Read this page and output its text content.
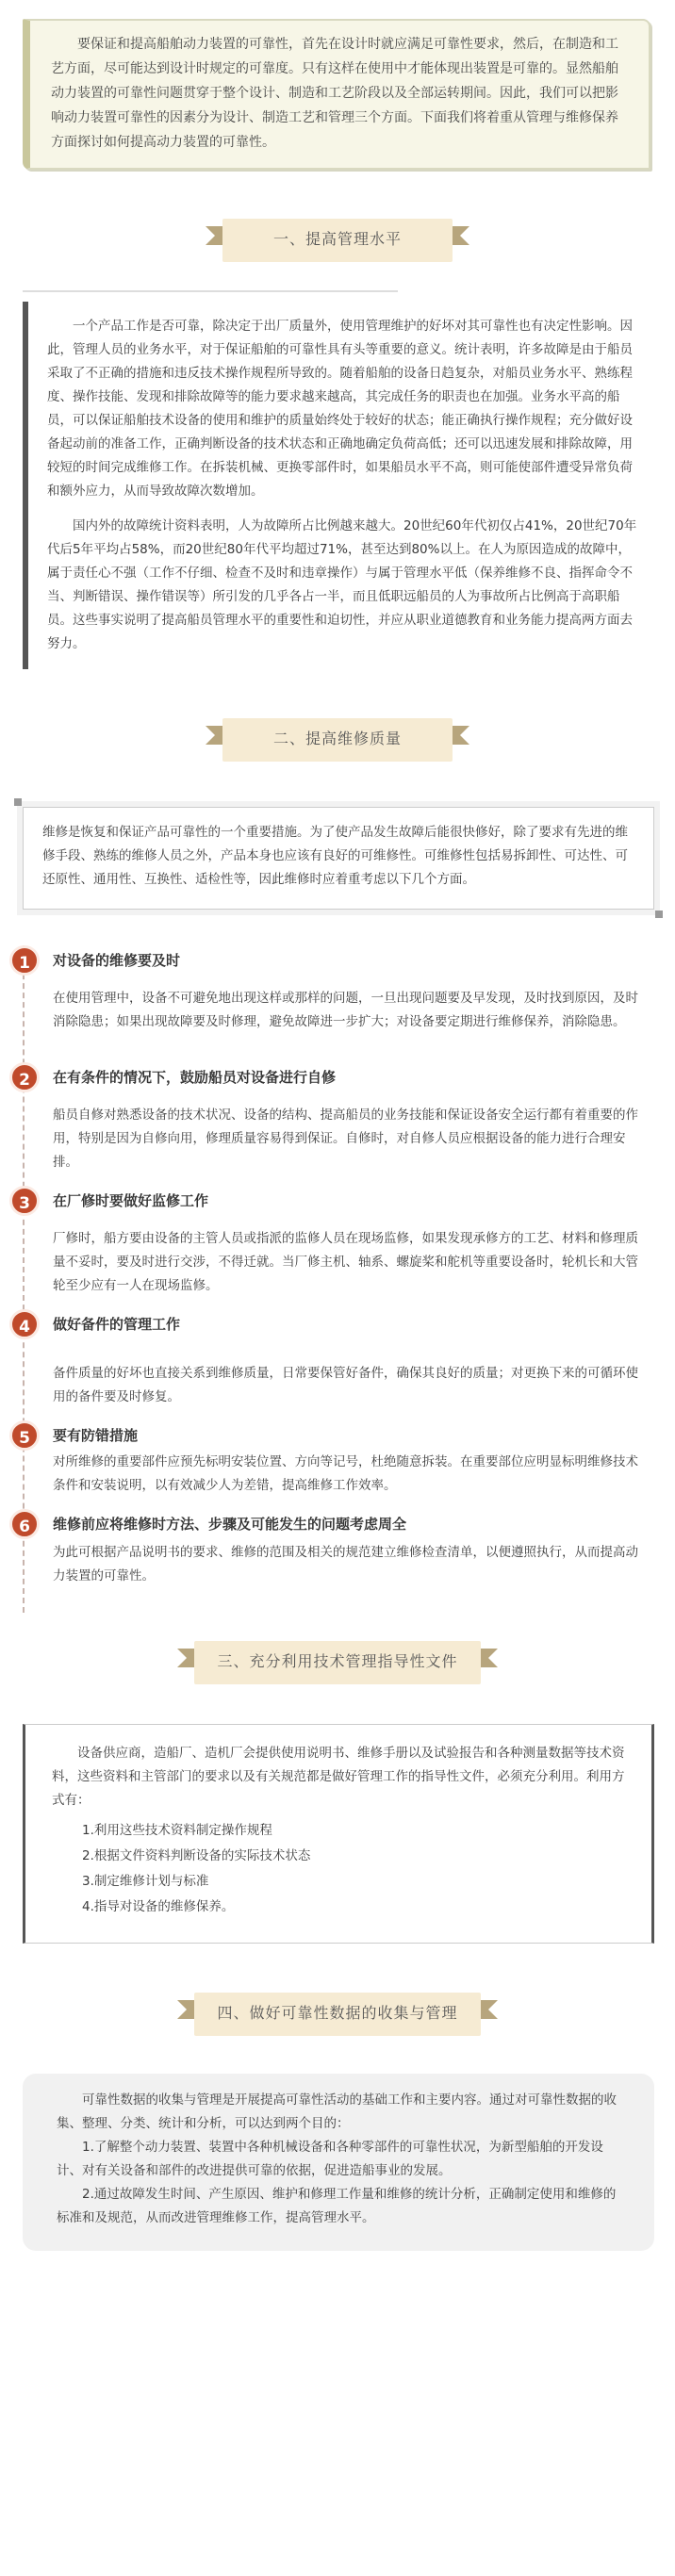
要保证和提高船舶动力装置的可靠性，首先在设计时就应满足可靠性要求，然后，在制造和工艺方面，尽可能达到设计时规定的可靠度。只有这样在使用中才能体现出装置是可靠的。显然船舶动力装置的可靠性问题贯穿于整个设计、制造和工艺阶段以及全部运转期间。因此，我们可以把影响动力装置可靠性的因素分为设计、制造工艺和管理三个方面。下面我们将着重从管理与维修保养方面探讨如何提高动力装置的可靠性。
一、提高管理水平

一个产品工作是否可靠，除决定于出厂质量外，使用管理维护的好坏对其可靠性也有决定性影响。因此，管理人员的业务水平，对于保证船舶的可靠性具有头等重要的意义。统计表明，许多故障是由于船员采取了不正确的措施和违反技术操作规程所导致的。随着船舶的设备日趋复杂，对船员业务水平、熟练程度、操作技能、发现和排除故障等的能力要求越来越高，其完成任务的职责也在加强。业务水平高的船员，可以保证船舶技术设备的使用和维护的质量始终处于较好的状态；能正确执行操作规程；充分做好设备起动前的准备工作，正确判断设备的技术状态和正确地确定负荷高低；还可以迅速发展和排除故障，用较短的时间完成维修工作。在拆装机械、更换零部件时，如果船员水平不高，则可能使部件遭受异常负荷和额外应力，从而导致故障次数增加。

国内外的故障统计资料表明，人为故障所占比例越来越大。20世纪60年代初仅占41%，20世纪70年代后5年平均占58%，而20世纪80年代平均超过71%，甚至达到80%以上。在人为原因造成的故障中，属于责任心不强（工作不仔细、检查不及时和违章操作）与属于管理水平低（保养维修不良、指挥命令不当、判断错误、操作错误等）所引发的几乎各占一半，而且低职远船员的人为事故所占比例高于高职船员。这些事实说明了提高船员管理水平的重要性和迫切性，并应从职业道德教育和业务能力提高两方面去努力。

二、提高维修质量

维修是恢复和保证产品可靠性的一个重要措施。为了使产品发生故障后能很快修好，除了要求有先进的维修手段、熟练的维修人员之外，产品本身也应该有良好的可维修性。可维修性包括易拆卸性、可达性、可还原性、通用性、互换性、适检性等，因此维修时应着重考虑以下几个方面。

1	对设备的维修要及时
在使用管理中，设备不可避免地出现这样或那样的问题，一旦出现问题要及早发现，及时找到原因，及时消除隐患；如果出现故障要及时修理，避免故障进一步扩大；对设备要定期进行维修保养，消除隐患。
2	在有条件的情况下，鼓励船员对设备进行自修
船员自修对熟悉设备的技术状况、设备的结构、提高船员的业务技能和保证设备安全运行都有着重要的作用，特别是因为自修向用，修理质量容易得到保证。自修时，对自修人员应根据设备的能力进行合理安排。
3	在厂修时要做好监修工作
厂修时，船方要由设备的主管人员或指派的监修人员在现场监修，如果发现承修方的工艺、材料和修理质量不妥时，要及时进行交涉，不得迁就。当厂修主机、轴系、螺旋桨和舵机等重要设备时，轮机长和大管轮至少应有一人在现场监修。
4	做好备件的管理工作
备件质量的好坏也直接关系到维修质量，日常要保管好备件，确保其良好的质量；对更换下来的可循环使用的备件要及时修复。
5	要有防错措施
对所维修的重要部件应预先标明安装位置、方向等记号，杜绝随意拆装。在重要部位应明显标明维修技术条件和安装说明，以有效减少人为差错，提高维修工作效率。
6	维修前应将维修时方法、步骤及可能发生的问题考虑周全
为此可根据产品说明书的要求、维修的范围及相关的规范建立维修检查清单，以便遵照执行，从而提高动力装置的可靠性。
三、充分利用技术管理指导性文件

设备供应商，造船厂、造机厂会提供使用说明书、维修手册以及试验报告和各种测量数据等技术资料，这些资料和主管部门的要求以及有关规范都是做好管理工作的指导性文件，必须充分利用。利用方式有：

1.利用这些技术资料制定操作规程
2.根据文件资料判断设备的实际技术状态
3.制定维修计划与标准
4.指导对设备的维修保养。
四、做好可靠性数据的收集与管理

可靠性数据的收集与管理是开展提高可靠性活动的基础工作和主要内容。通过对可靠性数据的收集、整理、分类、统计和分析，可以达到两个目的：

1.了解整个动力装置、装置中各种机械设备和各种零部件的可靠性状况，为新型船舶的开发设计、对有关设备和部件的改进提供可靠的依据，促进造船事业的发展。

2.通过故障发生时间、产生原因、维护和修理工作量和维修的统计分析，正确制定使用和维修的标准和及规范，从而改进管理维修工作，提高管理水平。
